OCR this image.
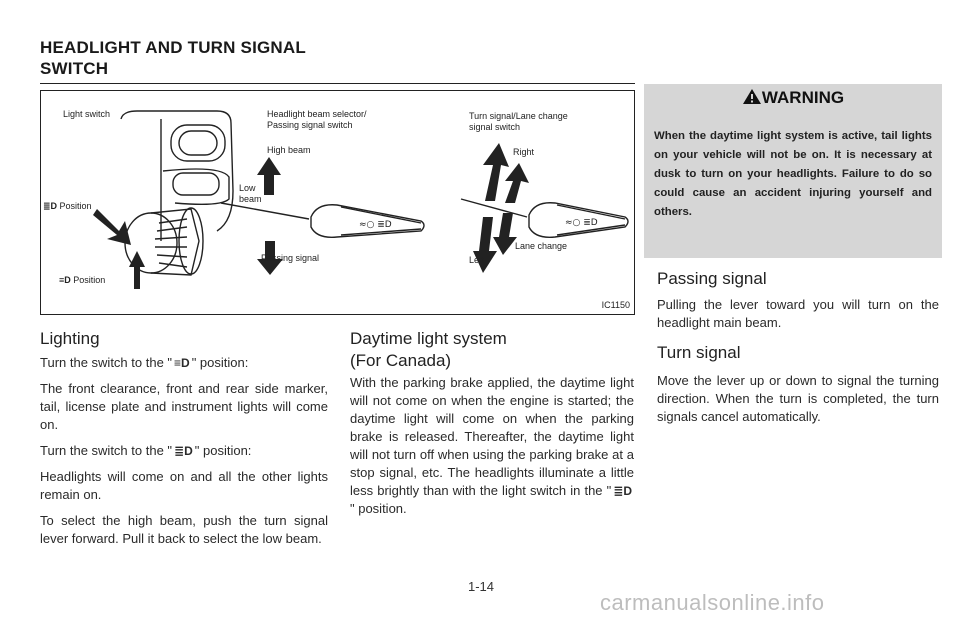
HEADLIGHT AND TURN SIGNAL
SWITCH
≈○ ≣D	≈○ ≣D
Light switch	Headlight beam selector/
Passing signal switch
Turn signal/Lane change
signal switch
High beam
Low
beam
Passing signal
≣D Position
≡D Position
Right
Left
Lane change
IC1150
Lighting

Turn the switch to the " ≡D " position:

The front clearance, front and rear side marker, tail, license plate and instrument lights will come on.

Turn the switch to the " ≣D " position:

Headlights will come on and all the other lights remain on.

To select the high beam, push the turn signal lever forward. Pull it back to select the low beam.

Daytime light system
(For Canada)

With the parking brake applied, the daytime light will not come on when the engine is started; the daytime light will come on when the parking brake is released. Thereafter, the daytime light will not turn off when using the parking brake at a stop signal, etc. The headlights illuminate a little less brightly than with the light switch in the " ≣D" position.

WARNING
When the daytime light system is active, tail lights on your vehicle will not be on. It is necessary at dusk to turn on your headlights. Failure to do so could cause an accident injuring yourself and others.
Passing signal

Pulling the lever toward you will turn on the headlight main beam.

Turn signal

Move the lever up or down to signal the turning direction. When the turn is completed, the turn signals cancel automatically.

1-14
carmanualsonline.info
